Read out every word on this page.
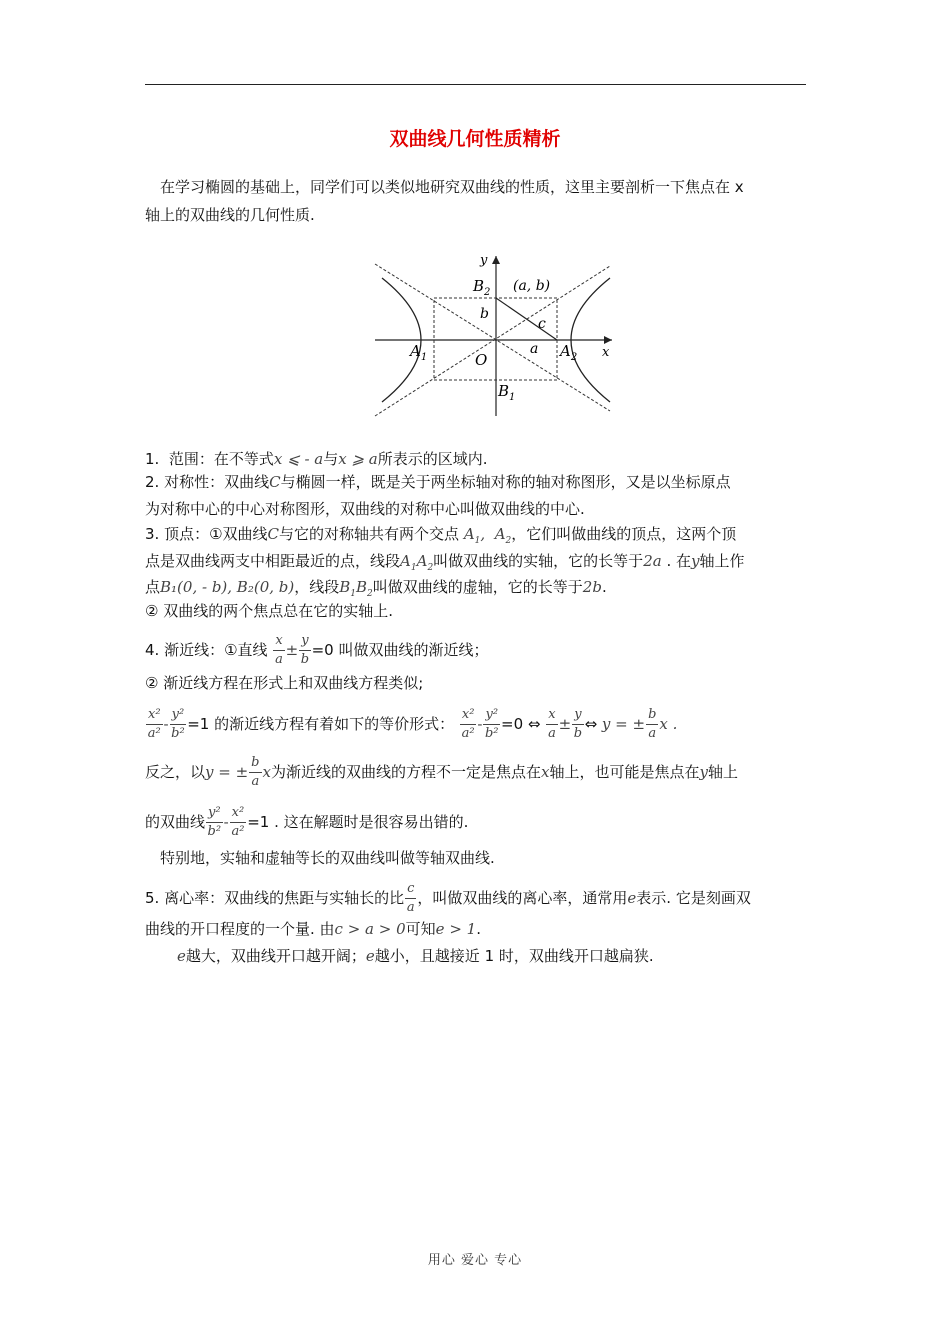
双曲线几何性质精析
在学习椭圆的基础上，同学们可以类似地研究双曲线的性质，这里主要剖析一下焦点在 x
轴上的双曲线的几何性质.
y
x
O
$B_2$
$B_1$
$A_1$	$A_2$
(a, b)
b
c
a
1. 范围：在不等式x ⩽ - a与x ⩾ a所表示的区域内.
2. 对称性：双曲线C与椭圆一样，既是关于两坐标轴对称的轴对称图形，又是以坐标原点
为对称中心的中心对称图形，双曲线的对称中心叫做双曲线的中心.
3. 顶点：①双曲线C与它的对称轴共有两个交点 $A_1$,  $A_2$，它们叫做曲线的顶点，这两个顶
点是双曲线两支中相距最近的点，线段$A_1A_2$叫做双曲线的实轴，它的长等于2a . 在y轴上作
点B₁(0, - b), B₂(0, b)，线段$B_1B_2$叫做双曲线的虚轴，它的长等于2b.
② 双曲线的两个焦点总在它的实轴上.
4. 渐近线：①直线 $\frac{x}{a} \pm \frac{y}{b} =0$ 叫做双曲线的渐近线；
② 渐近线方程在形式上和双曲线方程类似;
$\frac{\text{x²}}{\text{a²}} - \frac{\text{y²}}{\text{b²}} =1$ 的渐近线方程有着如下的等价形式： $\frac{\text{x²}}{\text{a²}} - \frac{\text{y²}}{\text{b²}} =0$ ⇔ $\frac{x}{a} \pm \frac{y}{b}$ ⇔ y = ± $\frac{b}{a}$ x .
反之，以y = ± $\frac{b}{a}$ x为渐近线的双曲线的方程不一定是焦点在x轴上，也可能是焦点在y轴上
的双曲线 $\frac{\text{y²}}{\text{b²}} - \frac{\text{x²}}{\text{a²}} =1$ . 这在解题时是很容易出错的.
特别地，实轴和虚轴等长的双曲线叫做等轴双曲线.
5. 离心率：双曲线的焦距与实轴长的比 $\frac{c}{a}$ ，叫做双曲线的离心率，通常用e表示. 它是刻画双
曲线的开口程度的一个量. 由c > a > 0可知e > 1.
e越大，双曲线开口越开阔；e越小，且越接近 1 时，双曲线开口越扁狭.
用心 爱心 专心
